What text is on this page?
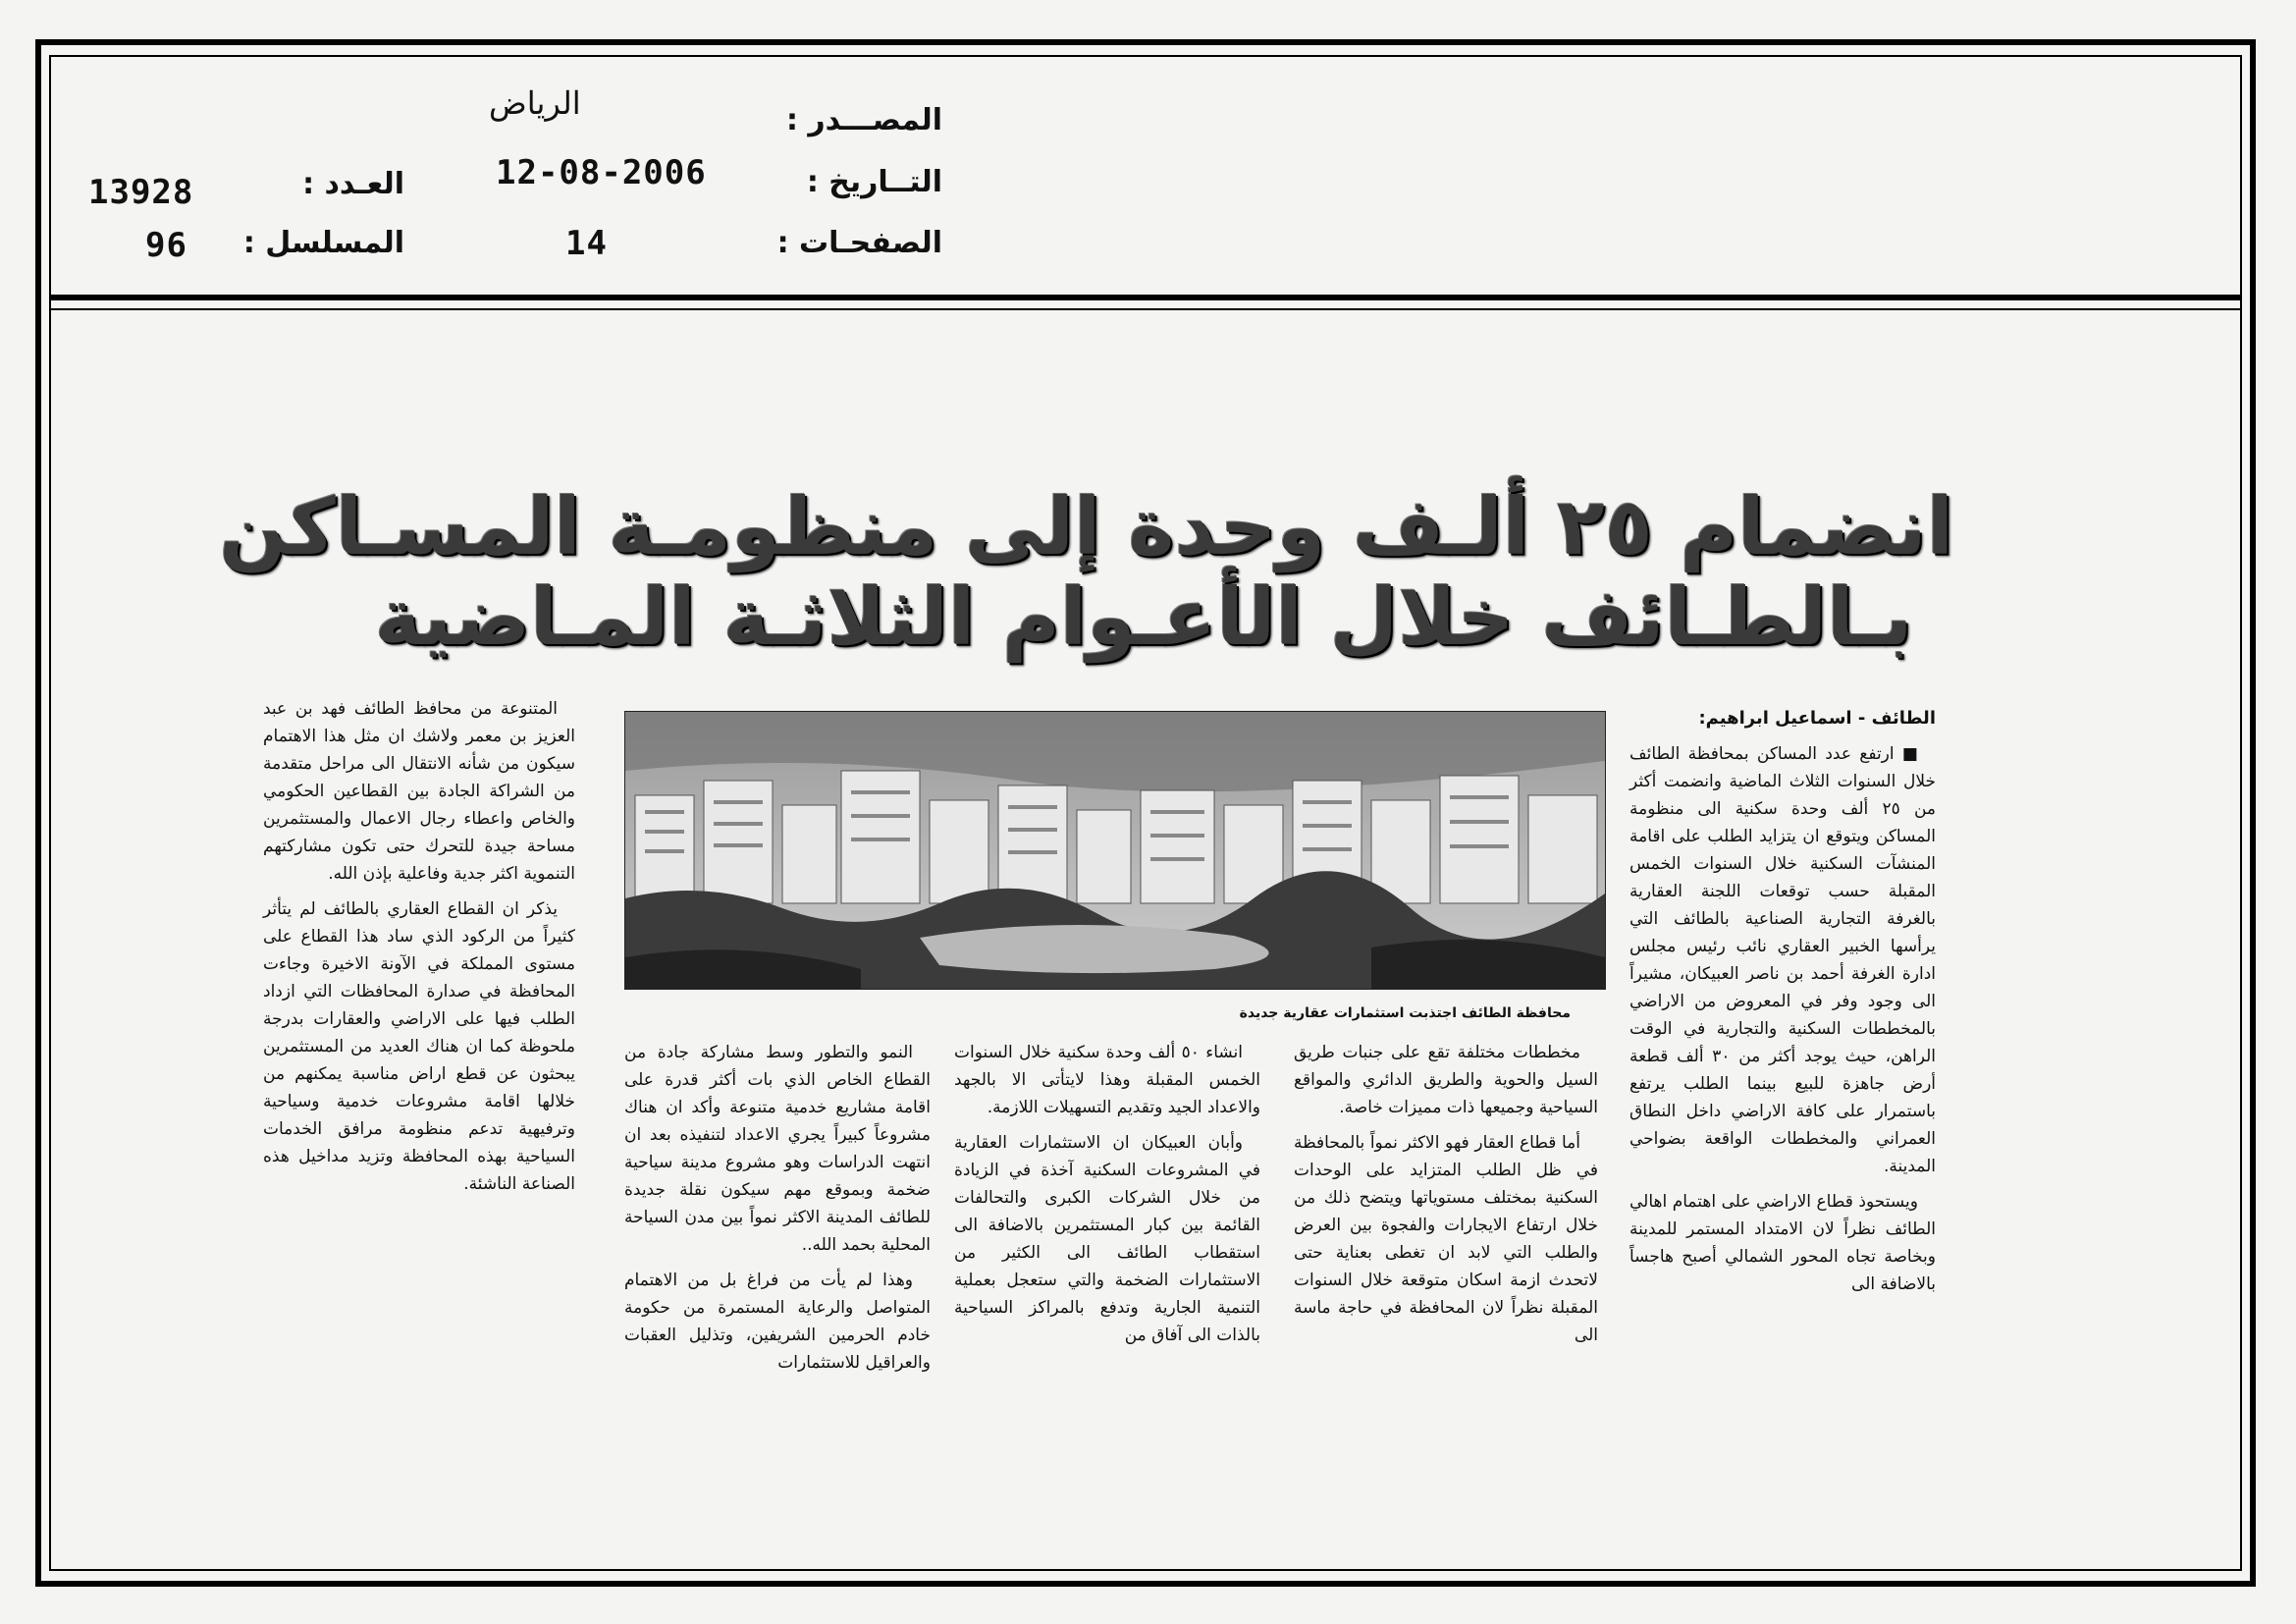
الرياض	المصـــدر :
12-08-2006	التــاريخ :
14	الصفحـات :
13928	العـدد :
96 المسلسل :
انضمام ٢٥ ألـف وحدة إلى منظومـة المسـاكن
بـالطـائف خلال الأعـوام الثلاثـة المـاضية
محافظة الطائف اجتذبت استثمارات عقارية جديدة

الطائف - اسماعيل ابراهيم:

■ ارتفع عدد المساكن بمحافظة الطائف خلال السنوات الثلاث الماضية وانضمت أكثر من ٢٥ ألف وحدة سكنية الى منظومة المساكن ويتوقع ان يتزايد الطلب على اقامة المنشآت السكنية خلال السنوات الخمس المقبلة حسب توقعات اللجنة العقارية بالغرفة التجارية الصناعية بالطائف التي يرأسها الخبير العقاري نائب رئيس مجلس ادارة الغرفة أحمد بن ناصر العبيكان، مشيراً الى وجود وفر في المعروض من الاراضي بالمخططات السكنية والتجارية في الوقت الراهن، حيث يوجد أكثر من ٣٠ ألف قطعة أرض جاهزة للبيع بينما الطلب يرتفع باستمرار على كافة الاراضي داخل النطاق العمراني والمخططات الواقعة بضواحي المدينة.

ويستحوذ قطاع الاراضي على اهتمام اهالي الطائف نظراً لان الامتداد المستمر للمدينة وبخاصة تجاه المحور الشمالي أصبح هاجساً بالاضافة الى

مخططات مختلفة تقع على جنبات طريق السيل والحوية والطريق الدائري والمواقع السياحية وجميعها ذات مميزات خاصة.

أما قطاع العقار فهو الاكثر نمواً بالمحافظة في ظل الطلب المتزايد على الوحدات السكنية بمختلف مستوياتها ويتضح ذلك من خلال ارتفاع الايجارات والفجوة بين العرض والطلب التي لابد ان تغطى بعناية حتى لاتحدث ازمة اسكان متوقعة خلال السنوات المقبلة نظراً لان المحافظة في حاجة ماسة الى

انشاء ٥٠ ألف وحدة سكنية خلال السنوات الخمس المقبلة وهذا لايتأتى الا بالجهد والاعداد الجيد وتقديم التسهيلات اللازمة.

وأبان العبيكان ان الاستثمارات العقارية في المشروعات السكنية آخذة في الزيادة من خلال الشركات الكبرى والتحالفات القائمة بين كبار المستثمرين بالاضافة الى استقطاب الطائف الى الكثير من الاستثمارات الضخمة والتي ستعجل بعملية التنمية الجارية وتدفع بالمراكز السياحية بالذات الى آفاق من

النمو والتطور وسط مشاركة جادة من القطاع الخاص الذي بات أكثر قدرة على اقامة مشاريع خدمية متنوعة وأكد ان هناك مشروعاً كبيراً يجري الاعداد لتنفيذه بعد ان انتهت الدراسات وهو مشروع مدينة سياحية ضخمة وبموقع مهم سيكون نقلة جديدة للطائف المدينة الاكثر نمواً بين مدن السياحة المحلية بحمد الله..

وهذا لم يأت من فراغ بل من الاهتمام المتواصل والرعاية المستمرة من حكومة خادم الحرمين الشريفين، وتذليل العقبات والعراقيل للاستثمارات

المتنوعة من محافظ الطائف فهد بن عبد العزيز بن معمر ولاشك ان مثل هذا الاهتمام سيكون من شأنه الانتقال الى مراحل متقدمة من الشراكة الجادة بين القطاعين الحكومي والخاص واعطاء رجال الاعمال والمستثمرين مساحة جيدة للتحرك حتى تكون مشاركتهم التنموية اكثر جدية وفاعلية بإذن الله.

يذكر ان القطاع العقاري بالطائف لم يتأثر كثيراً من الركود الذي ساد هذا القطاع على مستوى المملكة في الآونة الاخيرة وجاءت المحافظة في صدارة المحافظات التي ازداد الطلب فيها على الاراضي والعقارات بدرجة ملحوظة كما ان هناك العديد من المستثمرين يبحثون عن قطع اراض مناسبة يمكنهم من خلالها اقامة مشروعات خدمية وسياحية وترفيهية تدعم منظومة مرافق الخدمات السياحية بهذه المحافظة وتزيد مداخيل هذه الصناعة الناشئة.
